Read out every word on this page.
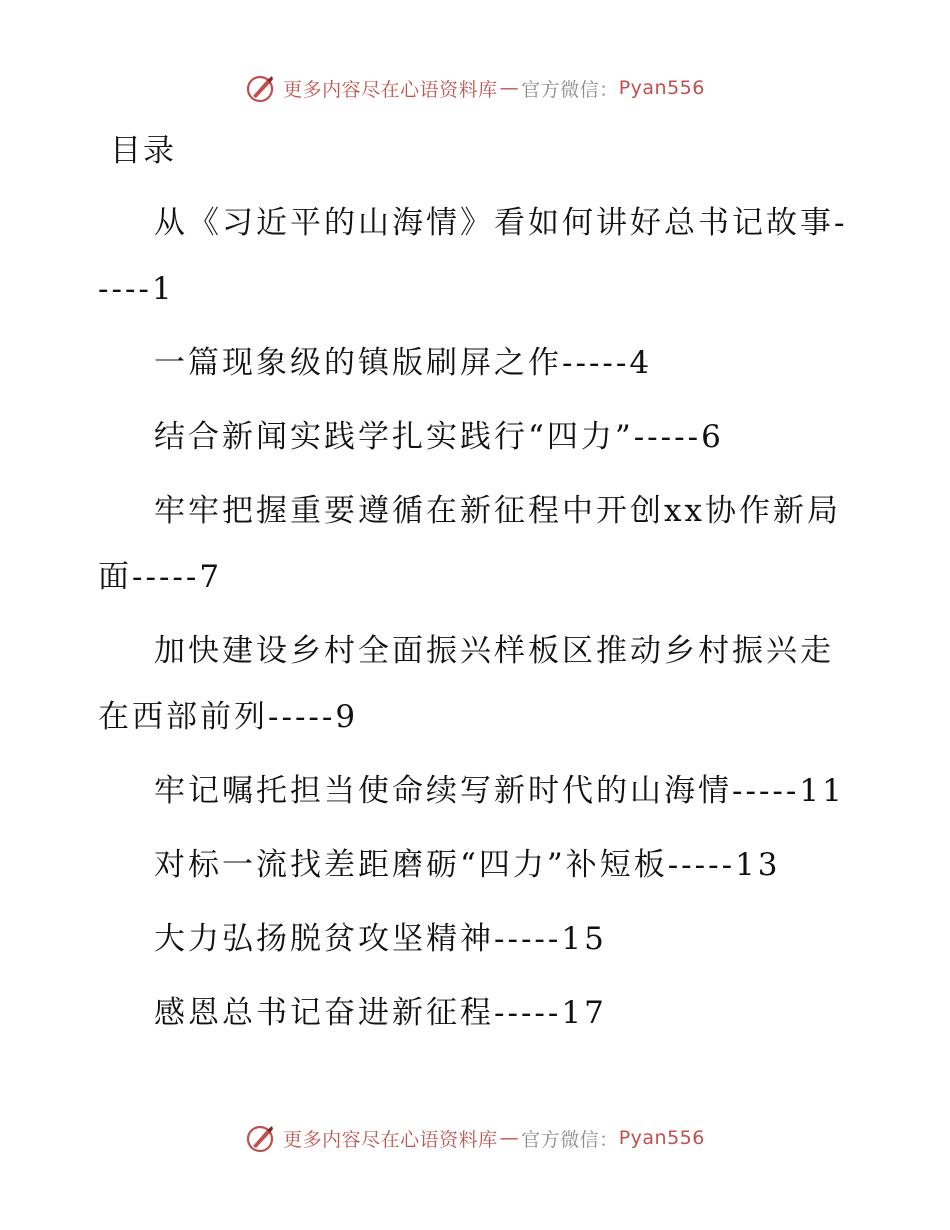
更多内容尽在心语资料库 — 官方微信： Pyan556
目录

从《习近平的山海情》看如何讲好总书记故事-----1

一篇现象级的镇版刷屏之作-----4

结合新闻实践学扎实践行“四力”-----6

牢牢把握重要遵循在新征程中开创xx协作新局面-----7

加快建设乡村全面振兴样板区推动乡村振兴走在西部前列-----9

牢记嘱托担当使命续写新时代的山海情-----11

对标一流找差距磨砺“四力”补短板-----13

大力弘扬脱贫攻坚精神-----15

感恩总书记奋进新征程-----17

更多内容尽在心语资料库 — 官方微信： Pyan556
